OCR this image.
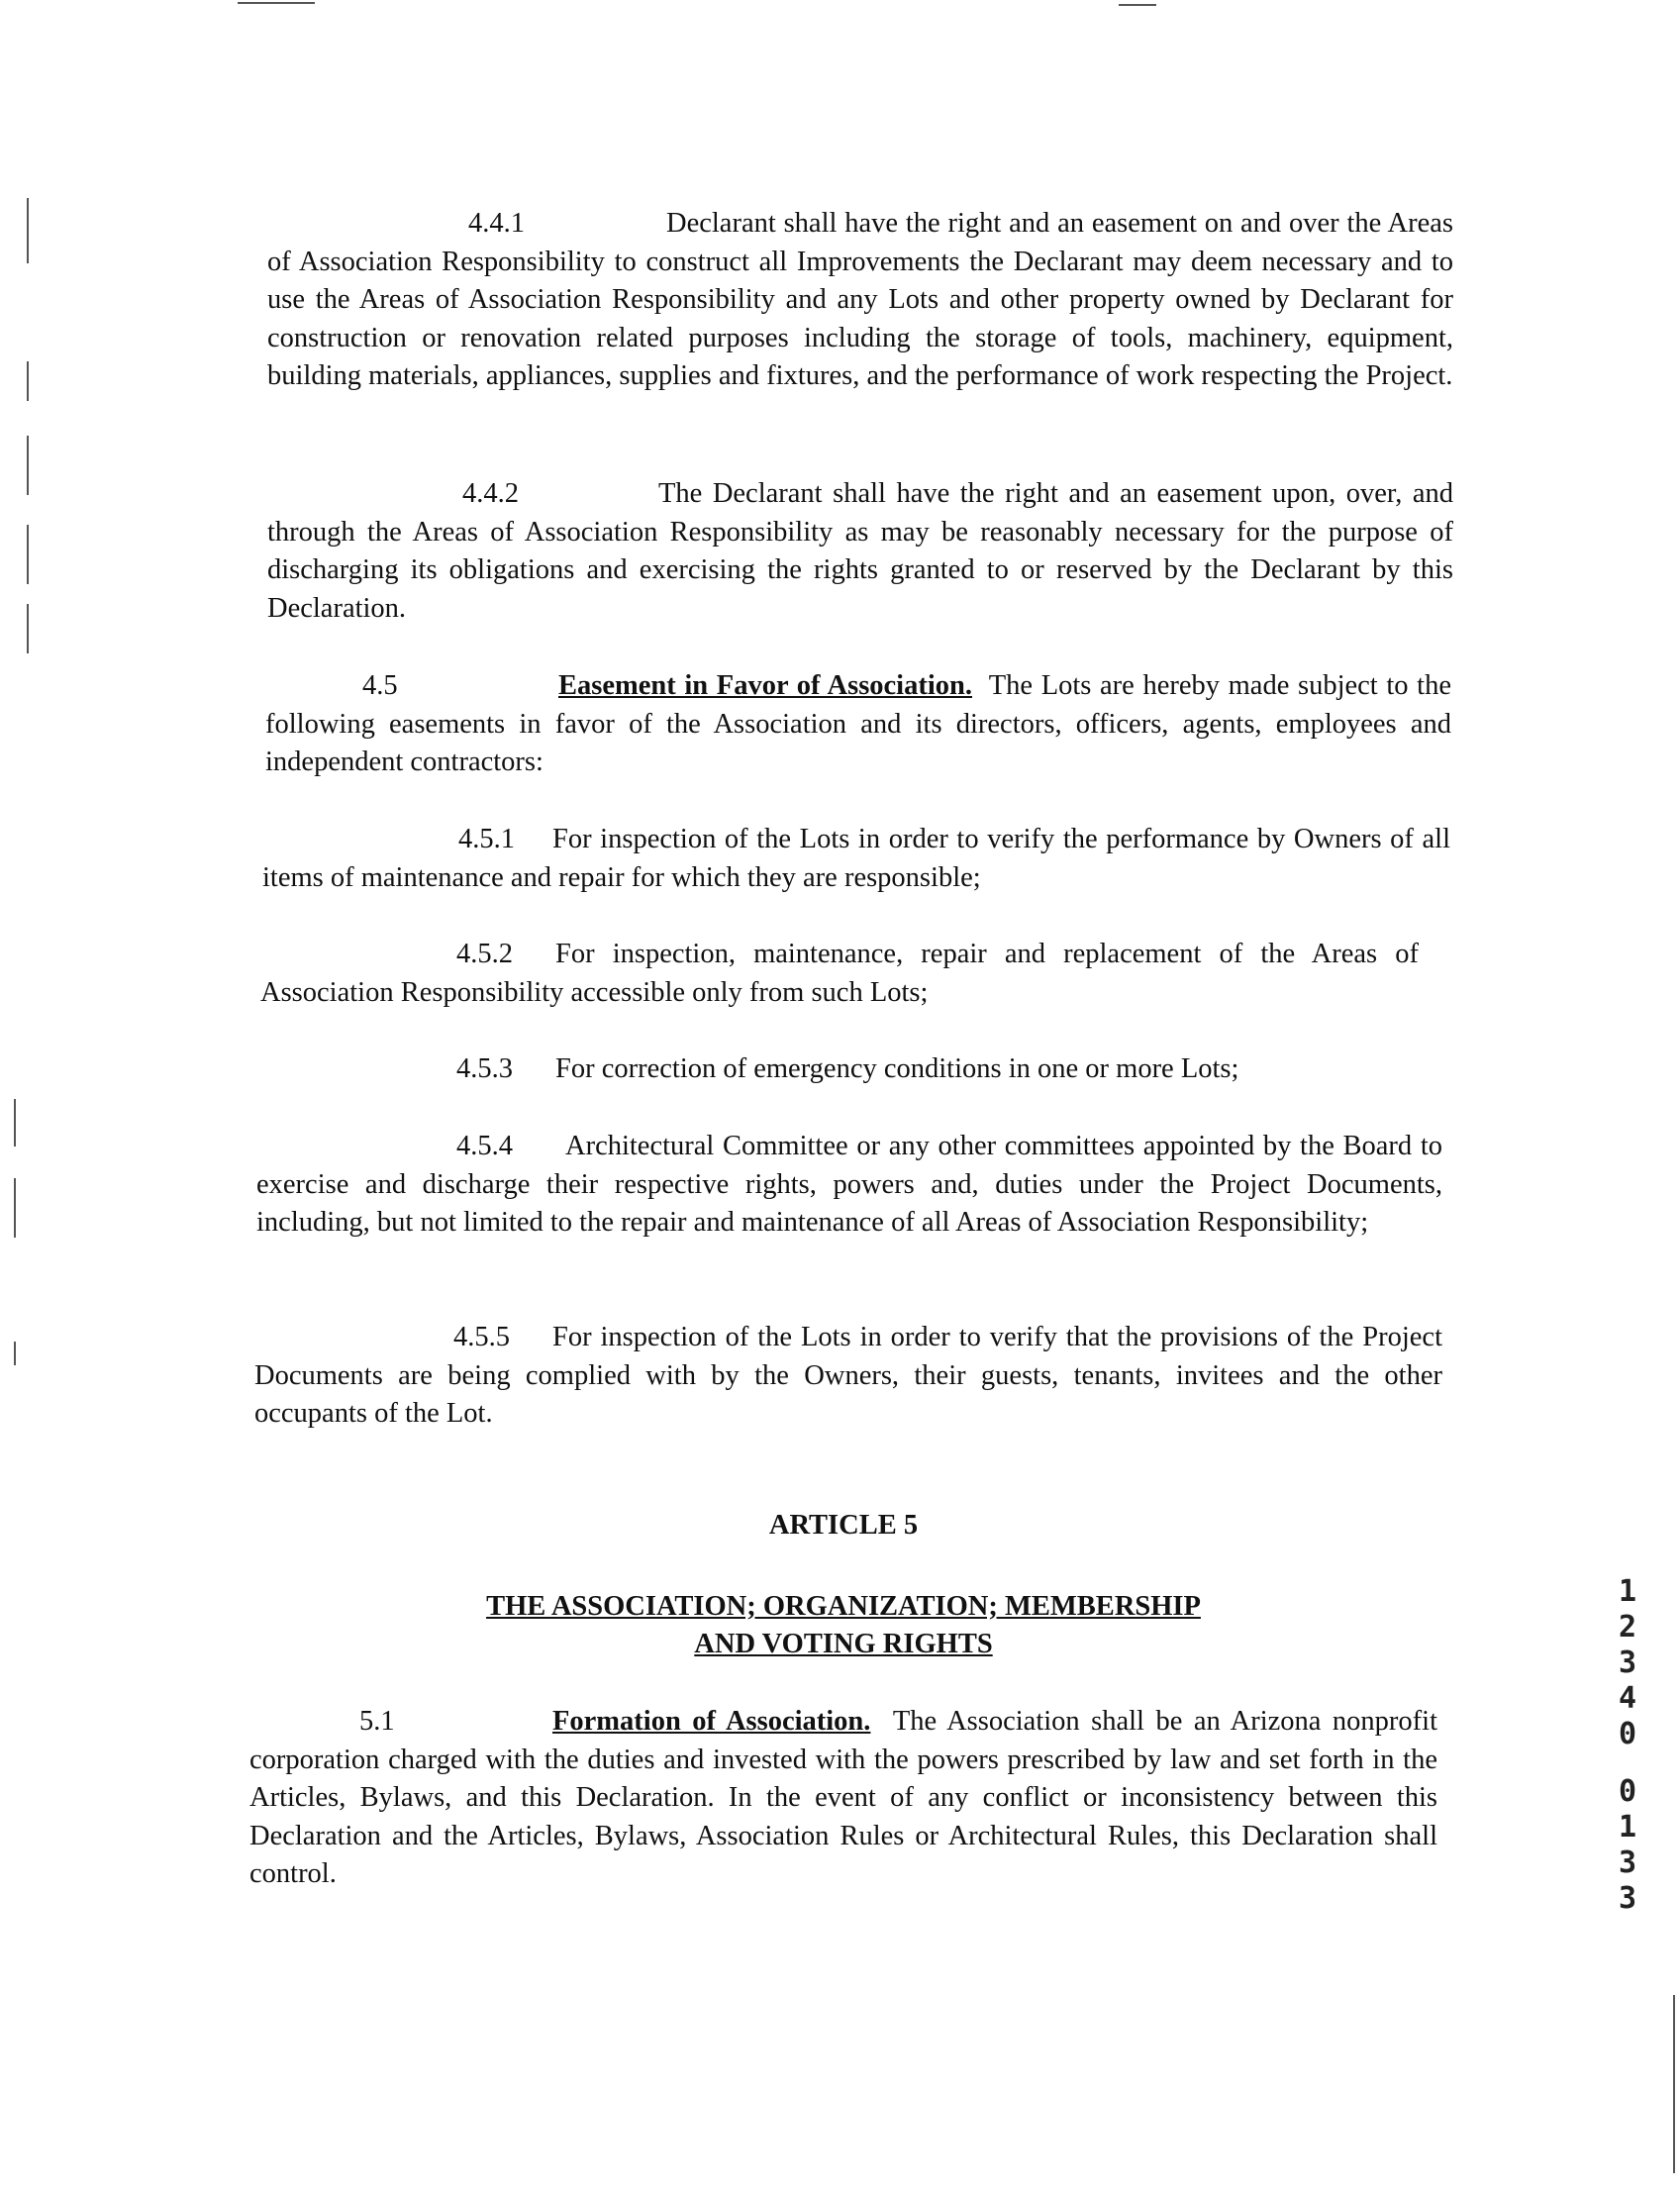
4.4.1	Declarant shall have the right and an easement on and over the Areas of Association Responsibility to construct all Improvements the Declarant may deem necessary and to use the Areas of Association Responsibility and any Lots and other property owned by Declarant for construction or renovation related purposes including the storage of tools, machinery, equipment, building materials, appliances, supplies and fixtures, and the performance of work respecting the Project.
4.4.2	The Declarant shall have the right and an easement upon, over, and through the Areas of Association Responsibility as may be reasonably necessary for the purpose of discharging its obligations and exercising the rights granted to or reserved by the Declarant by this Declaration.
4.5	Easement in Favor of Association. The Lots are hereby made subject to the following easements in favor of the Association and its directors, officers, agents, employees and independent contractors:
4.5.1 For inspection of the Lots in order to verify the performance by Owners of all items of maintenance and repair for which they are responsible;
4.5.2 For inspection, maintenance, repair and replacement of the Areas of Association Responsibility accessible only from such Lots;
4.5.3 For correction of emergency conditions in one or more Lots;
4.5.4 Architectural Committee or any other committees appointed by the Board to exercise and discharge their respective rights, powers and, duties under the Project Documents, including, but not limited to the repair and maintenance of all Areas of Association Responsibility;
4.5.5 For inspection of the Lots in order to verify that the provisions of the Project Documents are being complied with by the Owners, their guests, tenants, invitees and the other occupants of the Lot.
ARTICLE 5
THE ASSOCIATION; ORGANIZATION; MEMBERSHIP
AND VOTING RIGHTS
5.1	Formation of Association. The Association shall be an Arizona nonprofit corporation charged with the duties and invested with the powers prescribed by law and set forth in the Articles, Bylaws, and this Declaration. In the event of any conflict or inconsistency between this Declaration and the Articles, Bylaws, Association Rules or Architectural Rules, this Declaration shall control.
1
2
3
4
0
0
1
3
3
